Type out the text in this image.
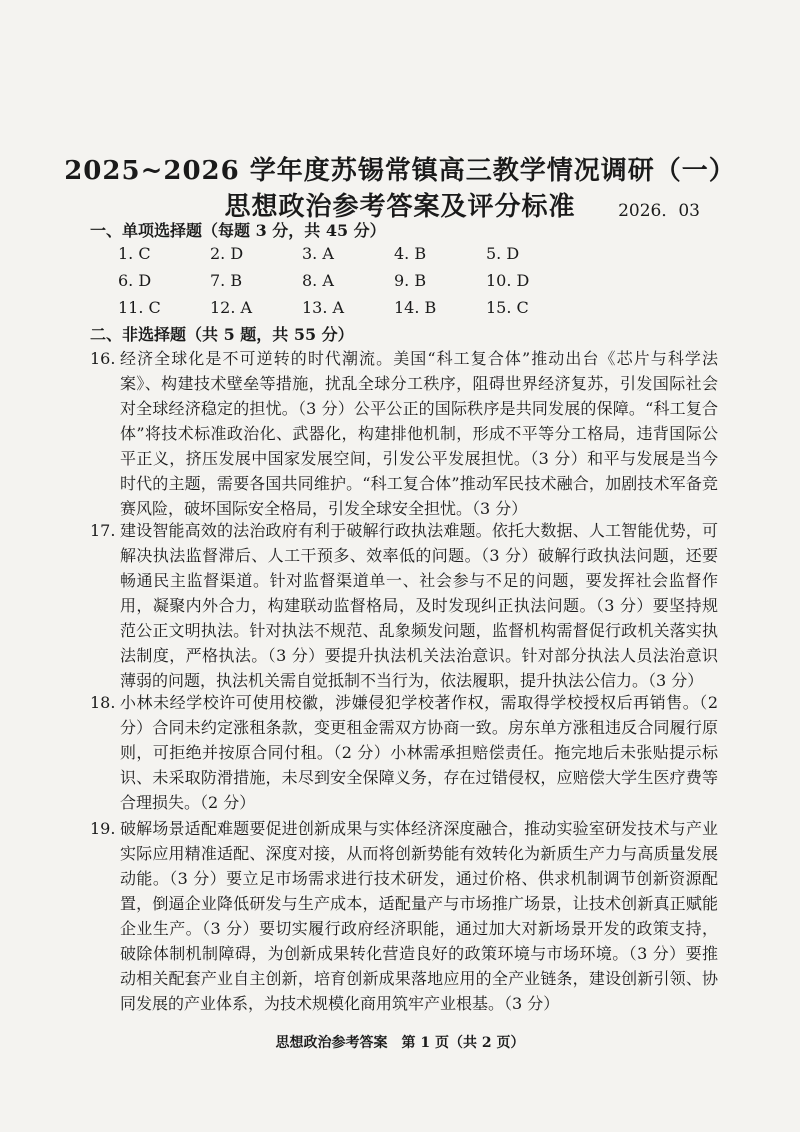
2025~2026 学年度苏锡常镇高三教学情况调研（一）
思想政治参考答案及评分标准	2026．03
一、单项选择题（每题 3 分，共 45 分）
1. C	2. D	3. A	4. B	5. D
6. D	7. B	8. A	9. B	10. D
11. C	12. A	13. A	14. B	15. C
二、非选择题（共 5 题，共 55 分）
16. 经济全球化是不可逆转的时代潮流。美国“科工复合体”推动出台《芯片与科学法案》、构建技术壁垒等措施，扰乱全球分工秩序，阻碍世界经济复苏，引发国际社会对全球经济稳定的担忧。（3 分）公平公正的国际秩序是共同发展的保障。“科工复合体”将技术标准政治化、武器化，构建排他机制，形成不平等分工格局，违背国际公平正义，挤压发展中国家发展空间，引发公平发展担忧。（3 分）和平与发展是当今时代的主题，需要各国共同维护。“科工复合体”推动军民技术融合，加剧技术军备竞赛风险，破坏国际安全格局，引发全球安全担忧。（3 分）
17. 建设智能高效的法治政府有利于破解行政执法难题。依托大数据、人工智能优势，可解决执法监督滞后、人工干预多、效率低的问题。（3 分）破解行政执法问题，还要畅通民主监督渠道。针对监督渠道单一、社会参与不足的问题，要发挥社会监督作用，凝聚内外合力，构建联动监督格局，及时发现纠正执法问题。（3 分）要坚持规范公正文明执法。针对执法不规范、乱象频发问题，监督机构需督促行政机关落实执法制度，严格执法。（3 分）要提升执法机关法治意识。针对部分执法人员法治意识薄弱的问题，执法机关需自觉抵制不当行为，依法履职，提升执法公信力。（3 分）
18. 小林未经学校许可使用校徽，涉嫌侵犯学校著作权，需取得学校授权后再销售。（2 分）合同未约定涨租条款，变更租金需双方协商一致。房东单方涨租违反合同履行原则，可拒绝并按原合同付租。（2 分）小林需承担赔偿责任。拖完地后未张贴提示标识、未采取防滑措施，未尽到安全保障义务，存在过错侵权，应赔偿大学生医疗费等合理损失。（2 分）
19. 破解场景适配难题要促进创新成果与实体经济深度融合，推动实验室研发技术与产业实际应用精准适配、深度对接，从而将创新势能有效转化为新质生产力与高质量发展动能。（3 分）要立足市场需求进行技术研发，通过价格、供求机制调节创新资源配置，倒逼企业降低研发与生产成本，适配量产与市场推广场景，让技术创新真正赋能企业生产。（3 分）要切实履行政府经济职能，通过加大对新场景开发的政策支持，破除体制机制障碍，为创新成果转化营造良好的政策环境与市场环境。（3 分）要推动相关配套产业自主创新，培育创新成果落地应用的全产业链条，建设创新引领、协同发展的产业体系，为技术规模化商用筑牢产业根基。（3 分）
思想政治参考答案　第 1 页（共 2 页）
